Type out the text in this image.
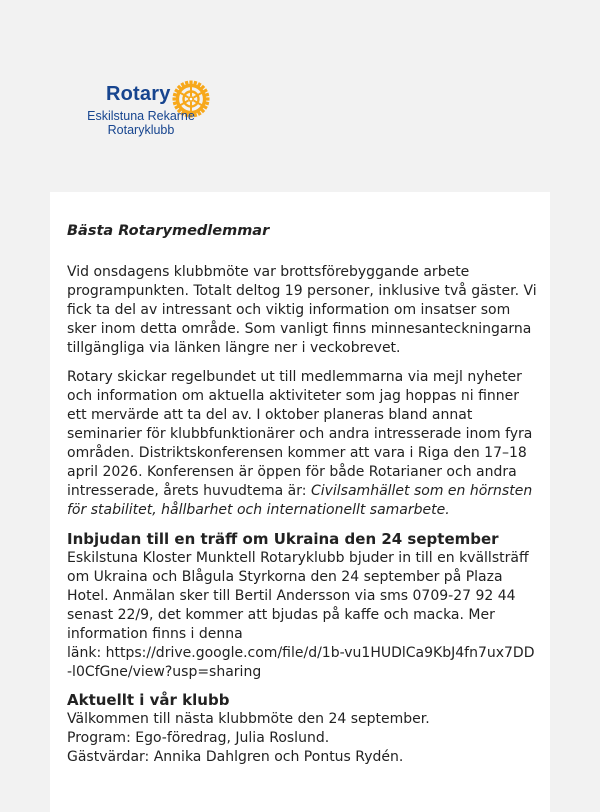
Rotary
Eskilstuna Rekarne
Rotaryklubb
Bästa Rotarymedlemmar

Vid onsdagens klubbmöte var brottsförebyggande arbete programpunkten. Totalt deltog 19 personer, inklusive två gäster. Vi fick ta del av intressant och viktig information om insatser som sker inom detta område. Som vanligt finns minnesanteckningarna tillgängliga via länken längre ner i veckobrevet.

Rotary skickar regelbundet ut till medlemmarna via mejl nyheter och information om aktuella aktiviteter som jag hoppas ni finner ett mervärde att ta del av. I oktober planeras bland annat seminarier för klubbfunktionärer och andra intresserade inom fyra områden. Distriktskonferensen kommer att vara i Riga den 17–18 april 2026. Konferensen är öppen för både Rotarianer och andra intresserade, årets huvudtema är: Civilsamhället som en hörnsten för stabilitet, hållbarhet och internationellt samarbete.

Inbjudan till en träff om Ukraina den 24 september

Eskilstuna Kloster Munktell Rotaryklubb bjuder in till en kvällsträff om Ukraina och Blågula Styrkorna den 24 september på Plaza Hotel. Anmälan sker till Bertil Andersson via sms 0709-27 92 44 senast 22/9, det kommer att bjudas på kaffe och macka. Mer information finns i denna
länk: https://drive.google.com/file/d/1b-vu1HUDlCa9KbJ4fn7ux7DD-l0CfGne/view?usp=sharing

Aktuellt i vår klubb

Välkommen till nästa klubbmöte den 24 september.
Program: Ego-föredrag, Julia Roslund.
Gästvärdar: Annika Dahlgren och Pontus Rydén.
